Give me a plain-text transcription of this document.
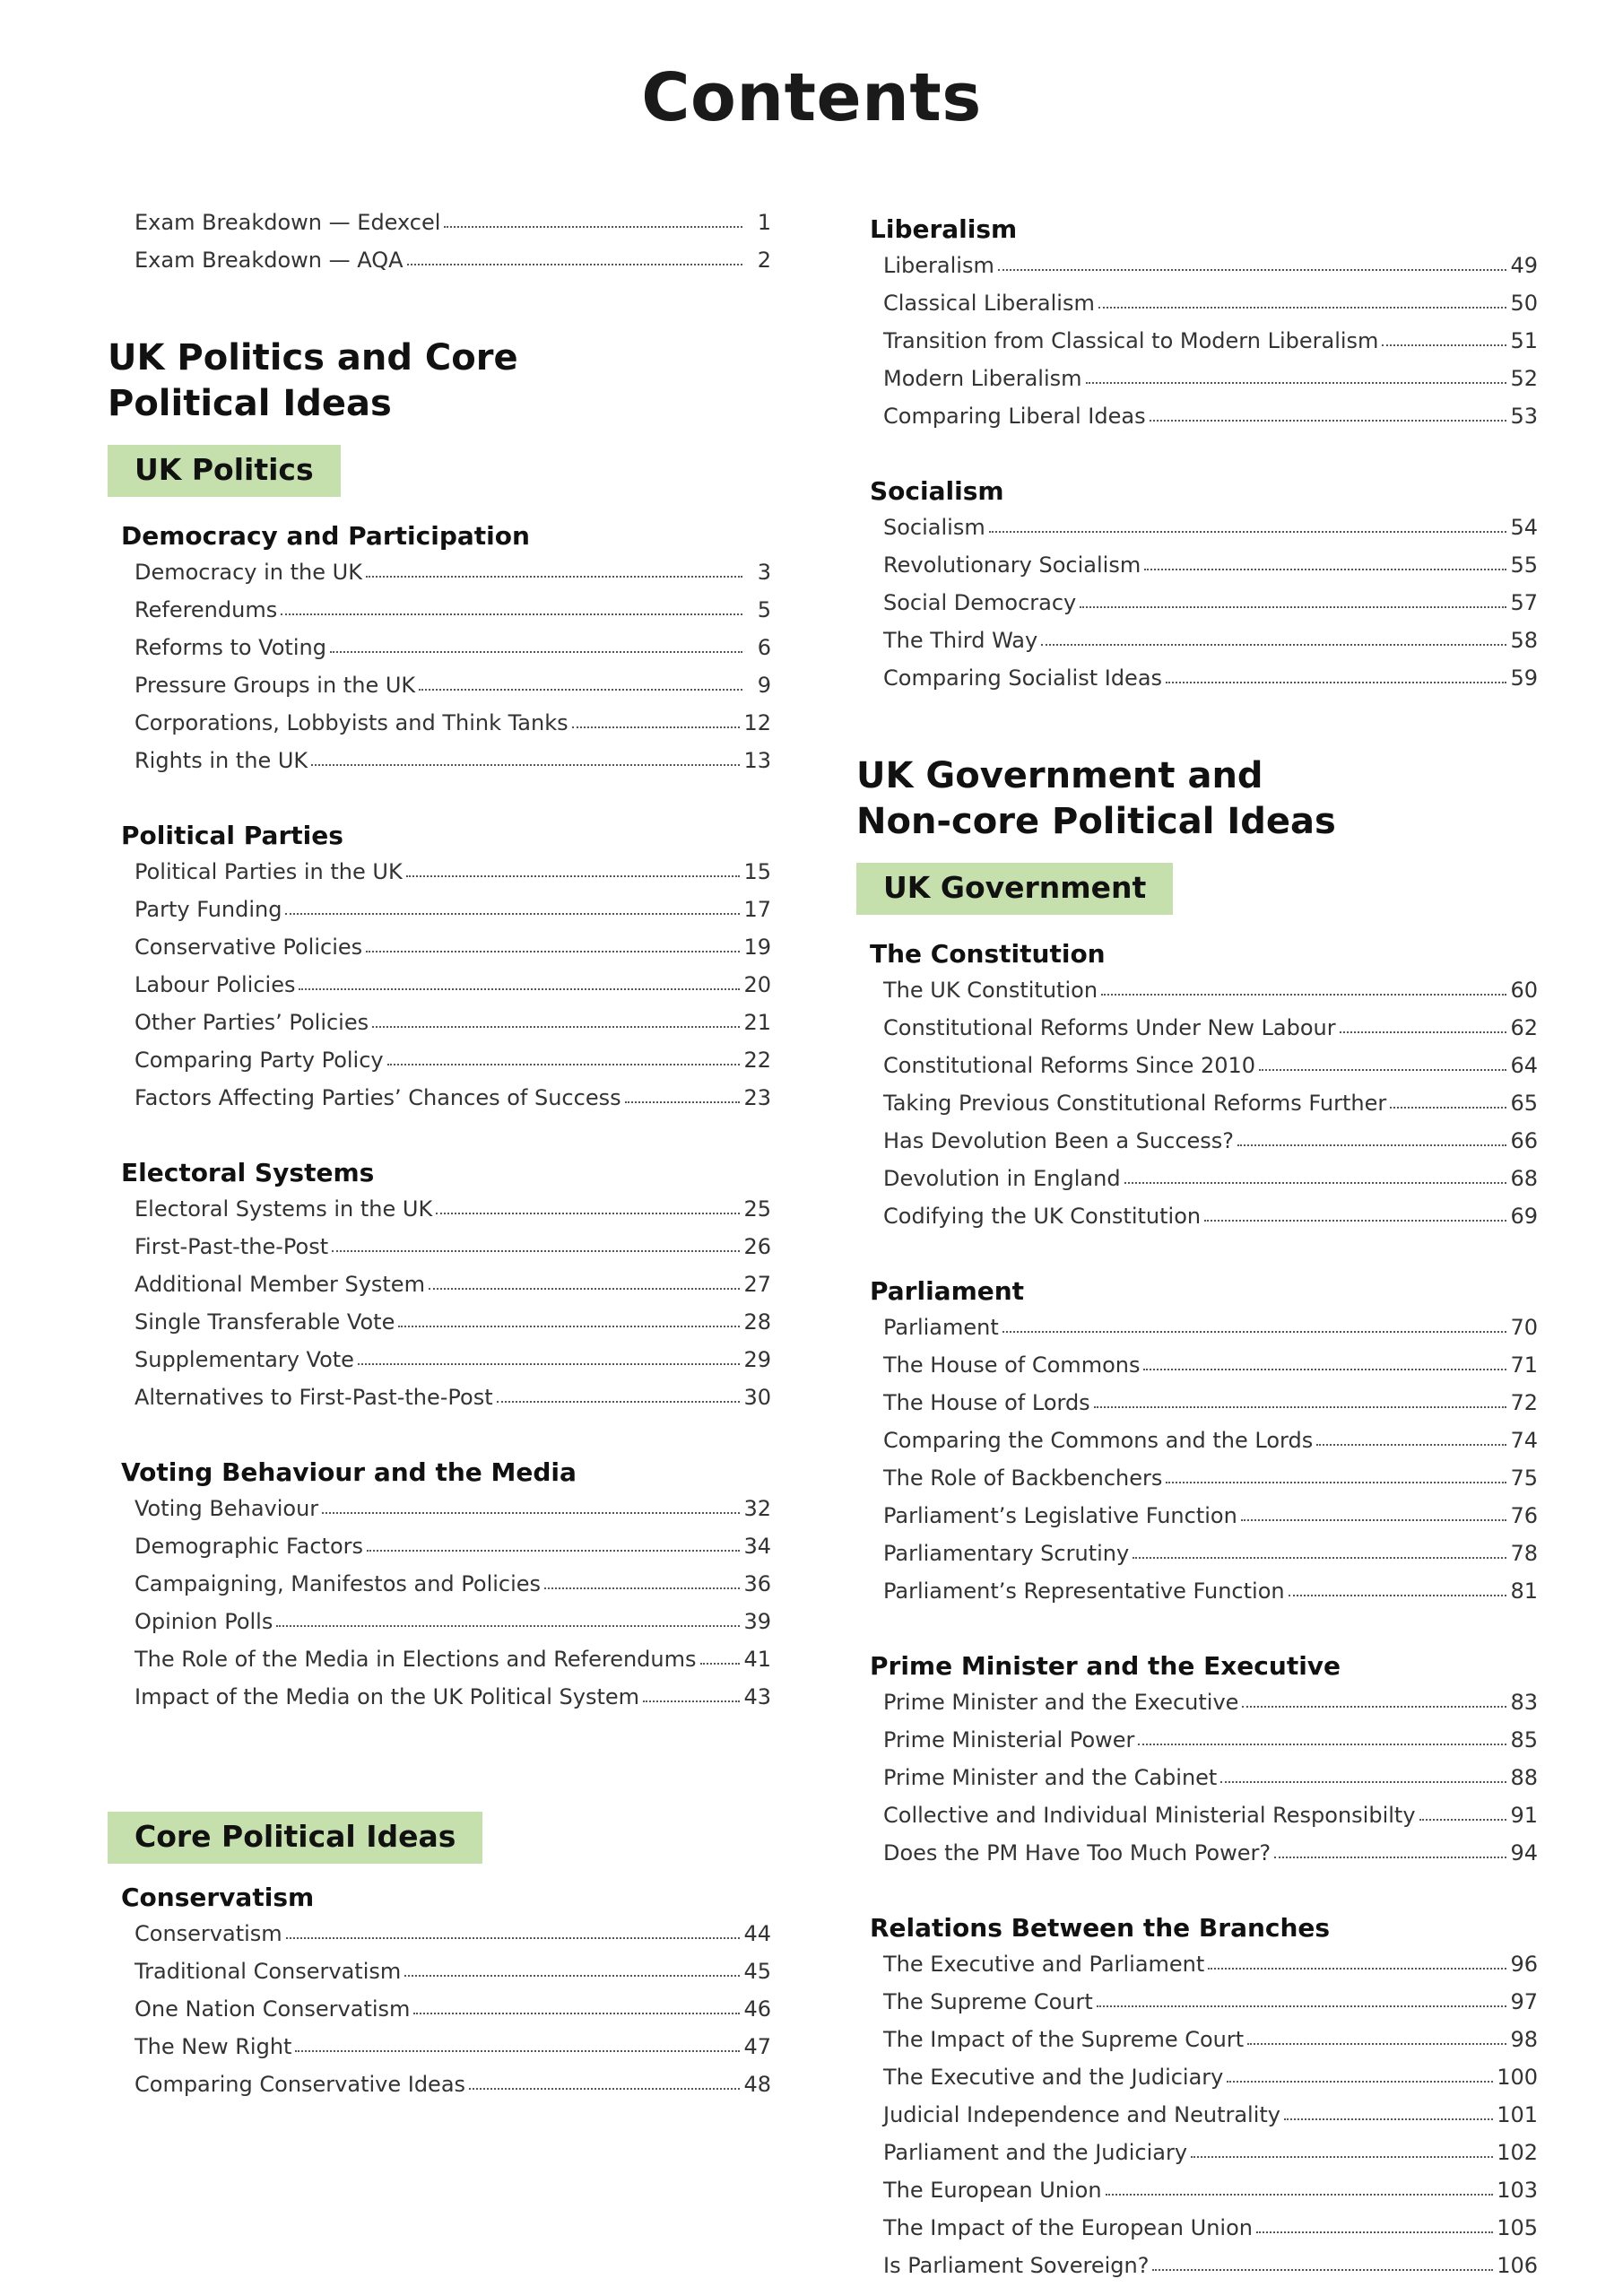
Contents
Exam Breakdown — Edexcel	1
Exam Breakdown — AQA	2
UK Politics and Core
Political Ideas
UK Politics
Democracy and Participation
Democracy in the UK	3
Referendums	5
Reforms to Voting	6
Pressure Groups in the UK	9
Corporations, Lobbyists and Think Tanks	12
Rights in the UK	13
Political Parties
Political Parties in the UK	15
Party Funding	17
Conservative Policies	19
Labour Policies	20
Other Parties’ Policies	21
Comparing Party Policy	22
Factors Affecting Parties’ Chances of Success	23
Electoral Systems
Electoral Systems in the UK	25
First-Past-the-Post	26
Additional Member System	27
Single Transferable Vote	28
Supplementary Vote	29
Alternatives to First-Past-the-Post	30
Voting Behaviour and the Media
Voting Behaviour	32
Demographic Factors	34
Campaigning, Manifestos and Policies	36
Opinion Polls	39
The Role of the Media in Elections and Referendums 41
Impact of the Media on the UK Political System	43
Core Political Ideas
Conservatism
Conservatism	44
Traditional Conservatism	45
One Nation Conservatism	46
The New Right	47
Comparing Conservative Ideas	48
Liberalism
Liberalism	49
Classical Liberalism	50
Transition from Classical to Modern Liberalism	51
Modern Liberalism	52
Comparing Liberal Ideas	53
Socialism
Socialism	54
Revolutionary Socialism	55
Social Democracy	57
The Third Way	58
Comparing Socialist Ideas	59
UK Government and
Non-core Political Ideas
UK Government
The Constitution
The UK Constitution	60
Constitutional Reforms Under New Labour	62
Constitutional Reforms Since 2010	64
Taking Previous Constitutional Reforms Further	65
Has Devolution Been a Success?	66
Devolution in England	68
Codifying the UK Constitution	69
Parliament
Parliament	70
The House of Commons	71
The House of Lords	72
Comparing the Commons and the Lords	74
The Role of Backbenchers	75
Parliament’s Legislative Function	76
Parliamentary Scrutiny	78
Parliament’s Representative Function	81
Prime Minister and the Executive
Prime Minister and the Executive	83
Prime Ministerial Power	85
Prime Minister and the Cabinet	88
Collective and Individual Ministerial Responsibilty	91
Does the PM Have Too Much Power?	94
Relations Between the Branches
The Executive and Parliament	96
The Supreme Court	97
The Impact of the Supreme Court	98
The Executive and the Judiciary	100
Judicial Independence and Neutrality	101
Parliament and the Judiciary	102
The European Union	103
The Impact of the European Union	105
Is Parliament Sovereign?	106
